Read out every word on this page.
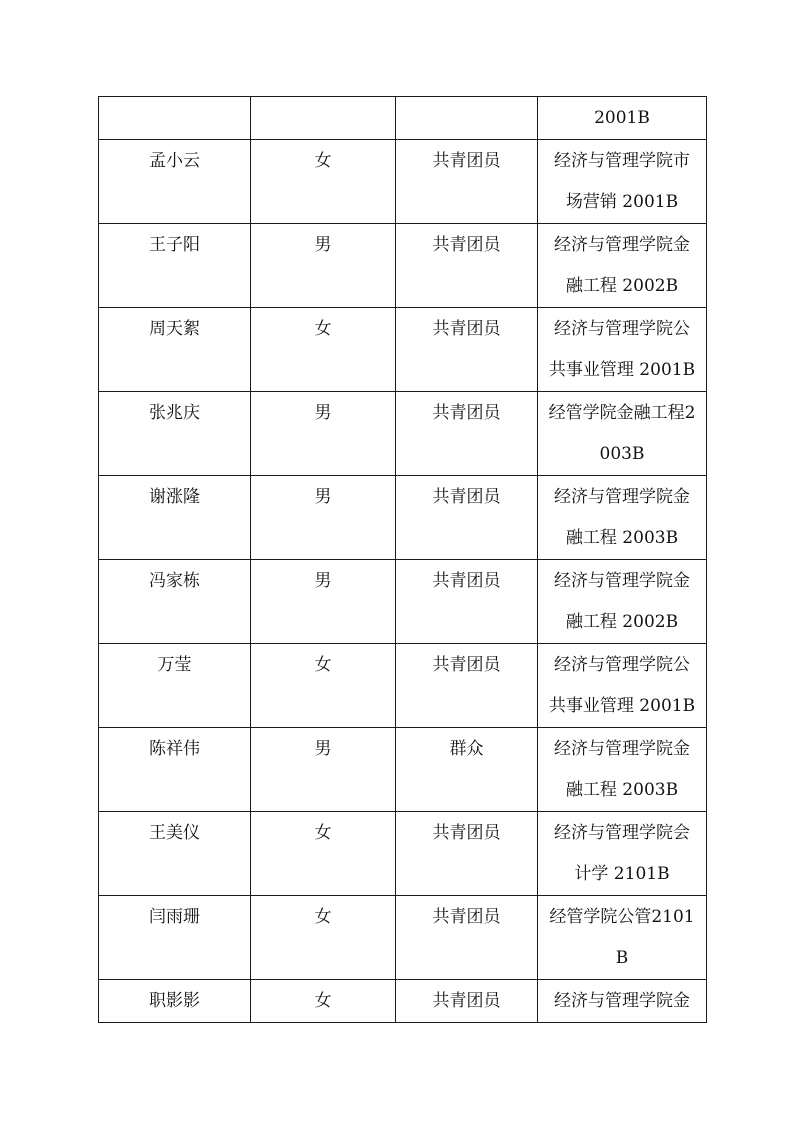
			2001B

孟小云	女	共青团员	经济与管理学院市场营销 2001B

王子阳	男	共青团员	经济与管理学院金融工程 2002B

周天絮	女	共青团员	经济与管理学院公共事业管理 2001B

张兆庆	男	共青团员	经管学院金融工程2003B

谢涨隆	男	共青团员	经济与管理学院金融工程 2003B

冯家栋	男	共青团员	经济与管理学院金融工程 2002B

万莹	女	共青团员	经济与管理学院公共事业管理 2001B

陈祥伟	男	群众	经济与管理学院金融工程 2003B

王美仪	女	共青团员	经济与管理学院会计学 2101B

闫雨珊	女	共青团员	经管学院公管2101B

职影影	女	共青团员	经济与管理学院金
